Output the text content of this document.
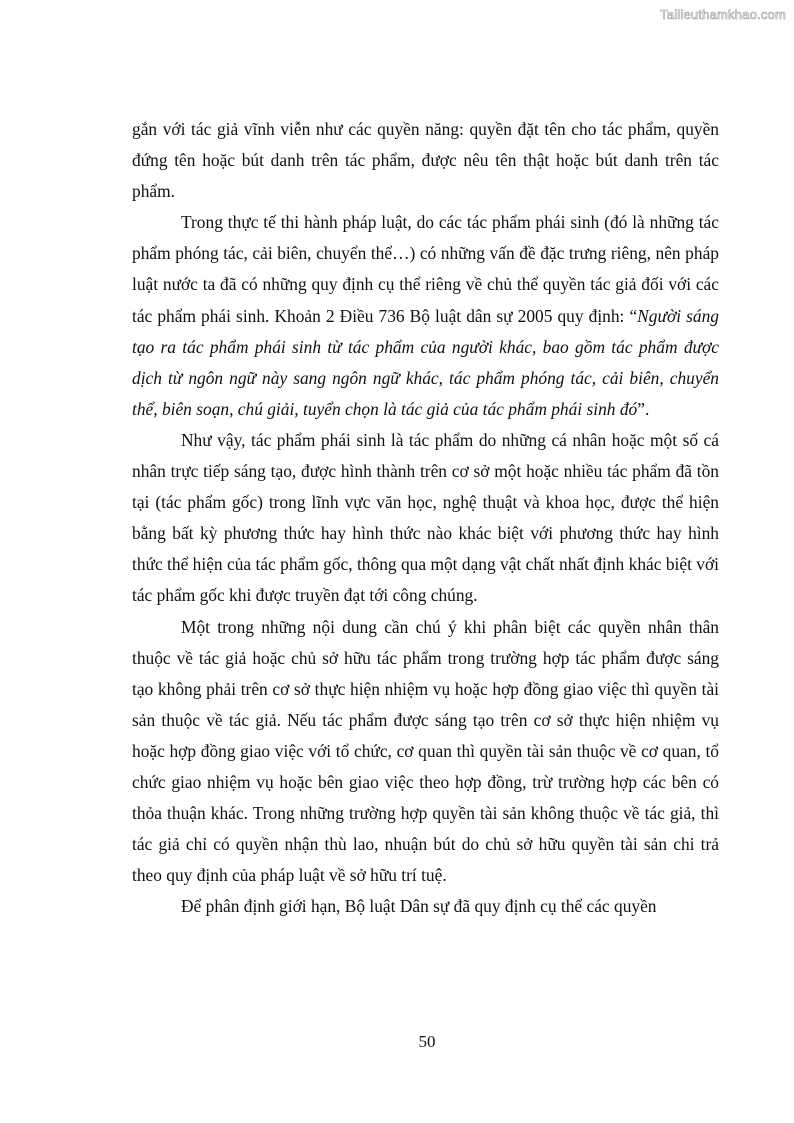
Tailieuthamkhao.com

gắn với tác giả vĩnh viễn như các quyền năng: quyền đặt tên cho tác phẩm, quyền đứng tên hoặc bút danh trên tác phẩm, được nêu tên thật hoặc bút danh trên tác phẩm.

Trong thực tế thi hành pháp luật, do các tác phẩm phái sinh (đó là những tác phẩm phóng tác, cải biên, chuyển thể…) có những vấn đề đặc trưng riêng, nên pháp luật nước ta đã có những quy định cụ thể riêng về chủ thể quyền tác giả đối với các tác phẩm phái sinh. Khoản 2 Điều 736 Bộ luật dân sự 2005 quy định: “Người sáng tạo ra tác phẩm phái sinh từ tác phẩm của người khác, bao gồm tác phẩm được dịch từ ngôn ngữ này sang ngôn ngữ khác, tác phẩm phóng tác, cải biên, chuyển thể, biên soạn, chú giải, tuyển chọn là tác giả của tác phẩm phái sinh đó”.

Như vậy, tác phẩm phái sinh là tác phẩm do những cá nhân hoặc một số cá nhân trực tiếp sáng tạo, được hình thành trên cơ sở một hoặc nhiều tác phẩm đã tồn tại (tác phẩm gốc) trong lĩnh vực văn học, nghệ thuật và khoa học, được thể hiện bằng bất kỳ phương thức hay hình thức nào khác biệt với phương thức hay hình thức thể hiện của tác phẩm gốc, thông qua một dạng vật chất nhất định khác biệt với tác phẩm gốc khi được truyền đạt tới công chúng.

Một trong những nội dung cần chú ý khi phân biệt các quyền nhân thân thuộc về tác giả hoặc chủ sở hữu tác phẩm trong trường hợp tác phẩm được sáng tạo không phải trên cơ sở thực hiện nhiệm vụ hoặc hợp đồng giao việc thì quyền tài sản thuộc về tác giả. Nếu tác phẩm được sáng tạo trên cơ sở thực hiện nhiệm vụ hoặc hợp đồng giao việc với tổ chức, cơ quan thì quyền tài sản thuộc về cơ quan, tổ chức giao nhiệm vụ hoặc bên giao việc theo hợp đồng, trừ trường hợp các bên có thỏa thuận khác. Trong những trường hợp quyền tài sản không thuộc về tác giả, thì tác giả chỉ có quyền nhận thù lao, nhuận bút do chủ sở hữu quyền tài sản chi trả theo quy định của pháp luật về sở hữu trí tuệ.

Để phân định giới hạn, Bộ luật Dân sự đã quy định cụ thể các quyền

50
